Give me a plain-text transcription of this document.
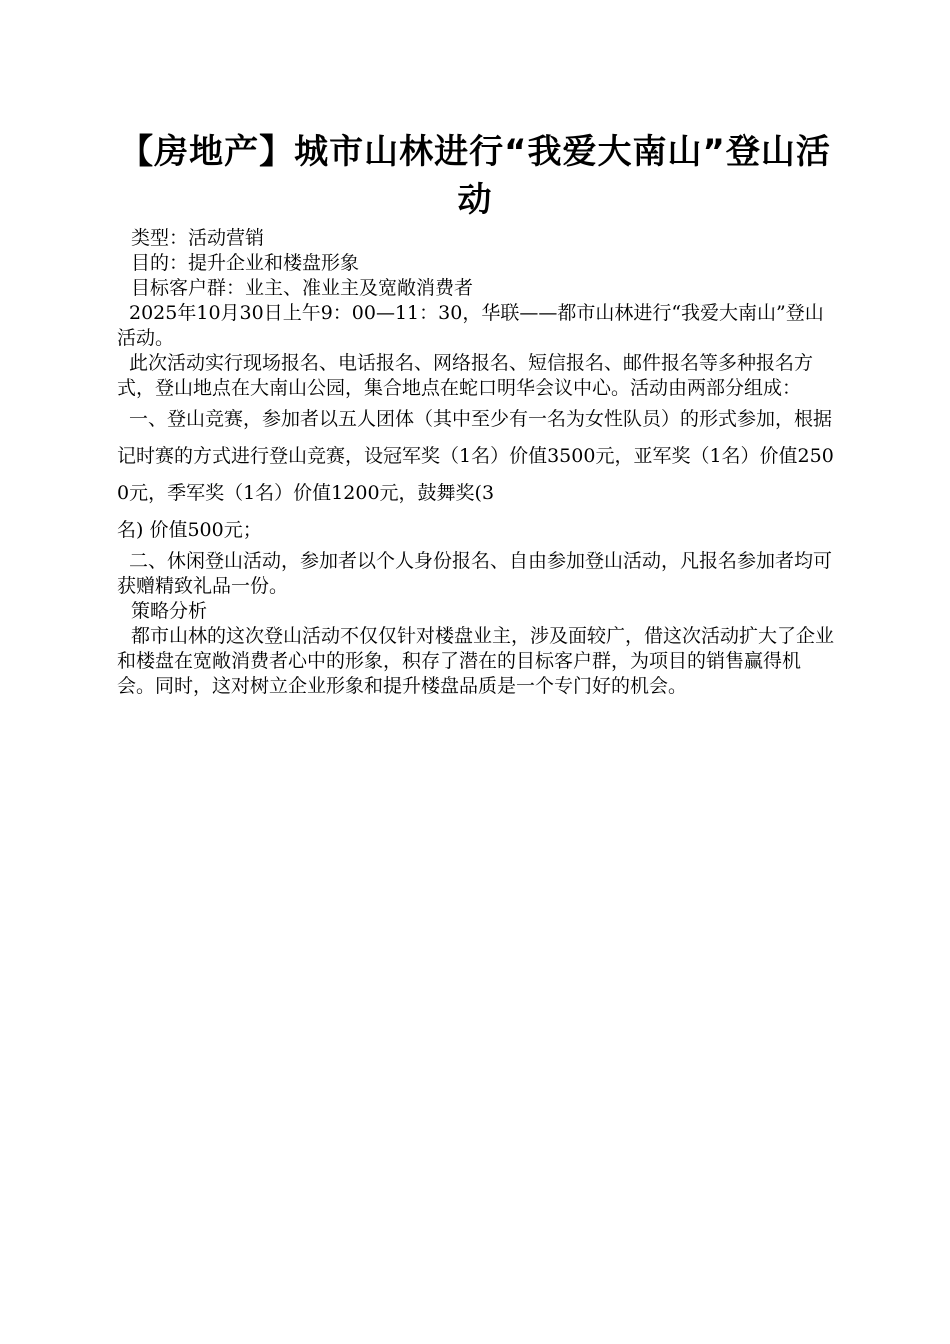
【房地产】城市山林进行“我爱大南山”登山活动

类型：活动营销

目的：提升企业和楼盘形象

目标客户群：业主、准业主及宽敞消费者

2025年10月30日上午9：00—11：30，华联——都市山林进行“我爱大南山”登山活动。

此次活动实行现场报名、电话报名、网络报名、短信报名、邮件报名等多种报名方式，登山地点在大南山公园，集合地点在蛇口明华会议中心。活动由两部分组成：

一、登山竞赛，参加者以五人团体（其中至少有一名为女性队员）的形式参加，根据记时赛的方式进行登山竞赛，设冠军奖（1名）价值3500元，亚军奖（1名）价值2500元，季军奖（1名）价值1200元，鼓舞奖(3

名) 价值500元；

二、休闲登山活动，参加者以个人身份报名、自由参加登山活动，凡报名参加者均可获赠精致礼品一份。

策略分析

都市山林的这次登山活动不仅仅针对楼盘业主，涉及面较广，借这次活动扩大了企业和楼盘在宽敞消费者心中的形象，积存了潜在的目标客户群，为项目的销售赢得机会。同时，这对树立企业形象和提升楼盘品质是一个专门好的机会。
